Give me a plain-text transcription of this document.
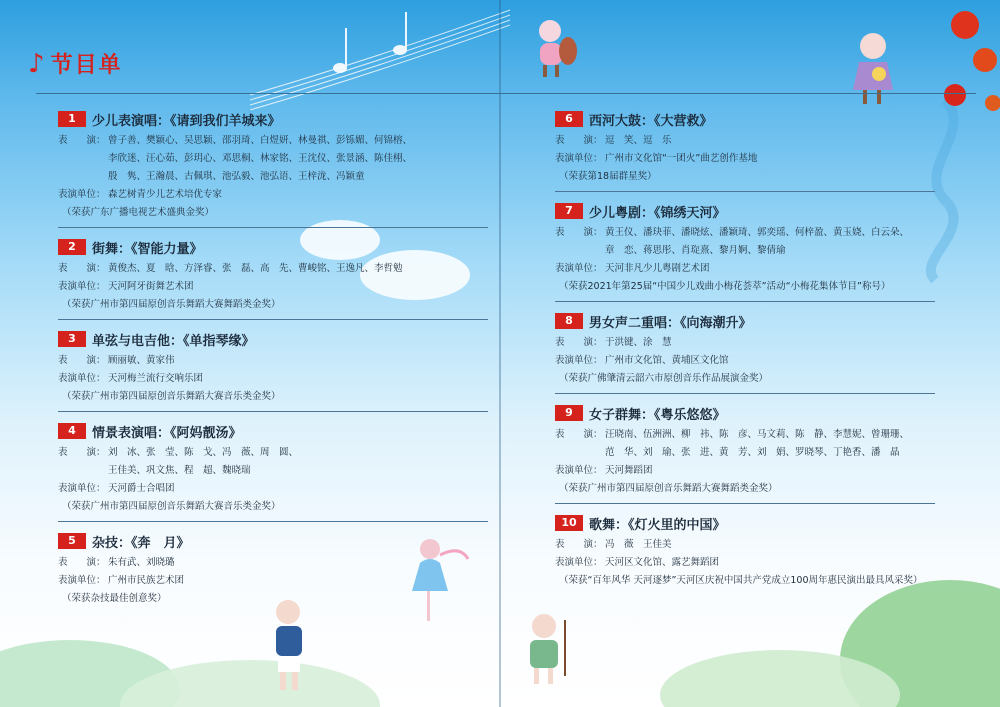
♪ 节目单
1	少儿表演唱：《请到我们羊城来》
表　　演： 曾子善、樊颖心、吴思颖、邵羽琦、白煜妍、林曼祺、彭铄媚、何锦榕、
李欣迷、汪心茹、彭玥心、邓思桐、林家铭、王沈仪、张景涵、陈佳栩、
殷　隽、王瀚晨、古佩琪、池弘毅、池弘语、王梓泷、冯颖童
表演单位： 森艺树青少儿艺术培优专家
（荣获广东广播电视艺术盛典金奖）
2	街舞：《智能力量》
表　　演： 黄俊杰、夏　晗、方泽睿、张　磊、高　先、曹峻铭、王逸凡、李哲勉
表演单位： 天河阿牙街舞艺术团
（荣获广州市第四届原创音乐舞蹈大赛舞蹈类金奖）
3	单弦与电吉他：《单指琴缘》
表　　演： 顾丽敏、黄家伟
表演单位： 天河梅兰流行交响乐团
（荣获广州市第四届原创音乐舞蹈大赛音乐类金奖）
4	情景表演唱：《阿妈靓汤》
表　　演： 刘　冰、张　莹、陈　戈、冯　薇、周　圆、
王佳美、巩文焦、程　超、魏晓瑞
表演单位： 天河爵士合唱团
（荣获广州市第四届原创音乐舞蹈大赛音乐类金奖）
5	杂技：《奔　月》
表　　演： 朱有武、刘晓璐
表演单位： 广州市民族艺术团
（荣获杂技最佳创意奖）
6	西河大鼓：《大营救》
表　　演： 逗　笑、逗　乐
表演单位： 广州市文化馆“一团火”曲艺创作基地
（荣获第18届群星奖）
7	少儿粤剧：《锦绣天河》
表　　演： 黄王仪、潘玦菲、潘晓炫、潘颖琦、郭奕瑶、何梓盈、黄玉娆、白云朵、
章　恋、蒋思彤、肖琁熹、黎月婀、黎倩瑜
表演单位： 天河非凡少儿粤剧艺术团
（荣获2021年第25届“中国少儿戏曲小梅花荟萃”活动“小梅花集体节目”称号）
8	男女声二重唱：《向海潮升》
表　　演： 于洪键、涂　慧
表演单位： 广州市文化馆、黄埔区文化馆
（荣获广佛肇清云韶六市原创音乐作品展演金奖）
9	女子群舞：《粤乐悠悠》
表　　演： 汪晓南、伍洲洲、柳　祎、陈　彦、马文莉、陈　静、李慧妮、曾珊珊、
范　华、刘　瑜、张　进、黄　芳、刘　娟、罗晓琴、丁艳香、潘　晶
表演单位： 天河舞蹈团
（荣获广州市第四届原创音乐舞蹈大赛舞蹈类金奖）
10 歌舞：《灯火里的中国》
表　　演： 冯　薇　王佳美
表演单位： 天河区文化馆、露艺舞蹈团
（荣获“百年风华 天河逐梦”天河区庆祝中国共产党成立100周年惠民演出最具风采奖）
